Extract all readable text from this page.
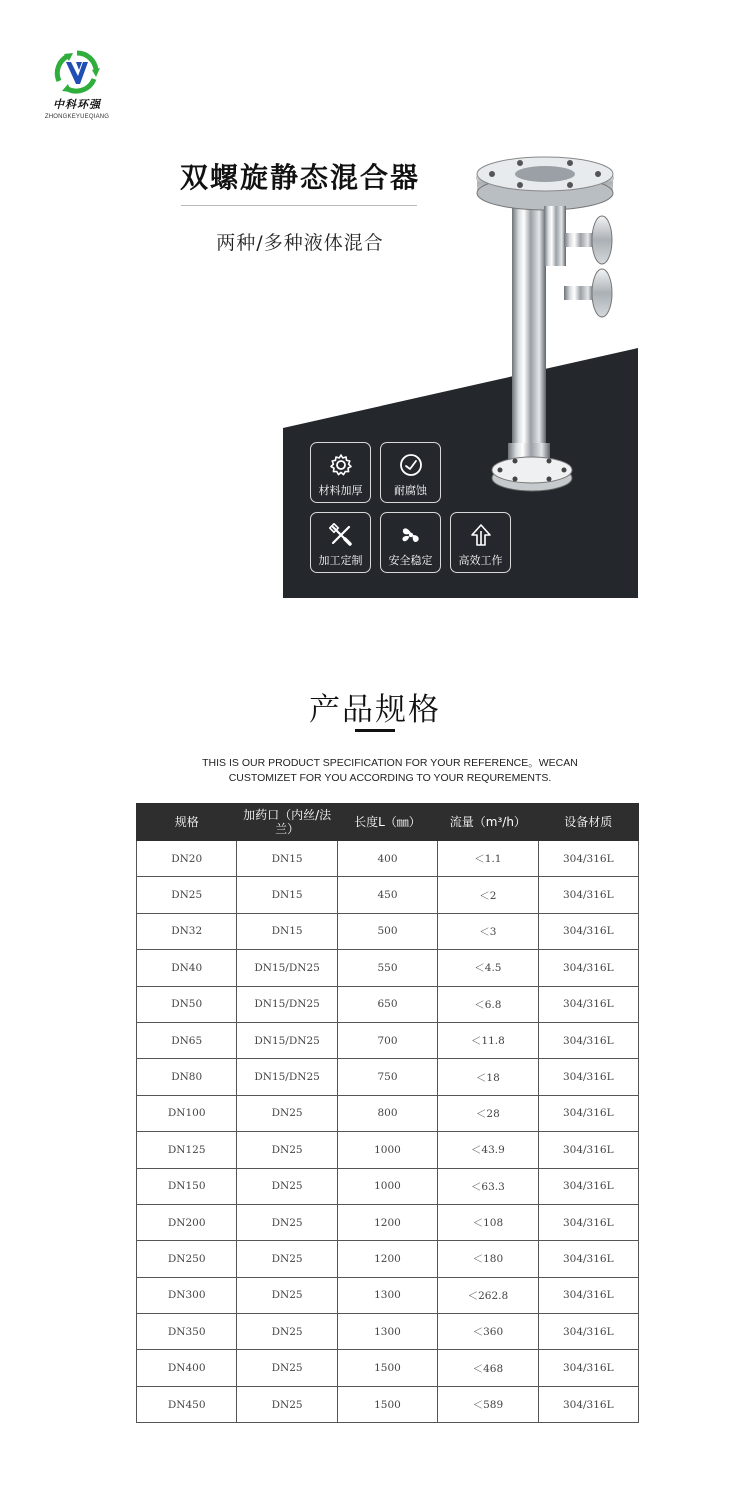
中科环强
ZHONGKEYUEQIANG
双螺旋静态混合器
两种/多种液体混合
材料加厚	耐腐蚀
加工定制	安全稳定	高效工作
产品规格
THIS IS OUR PRODUCT SPECIFICATION FOR YOUR REFERENCE。WECAN CUSTOMIZET FOR YOU ACCORDING TO YOUR REQUREMENTS.
规格	加药口（内丝/法兰）	长度L（㎜）	流量（m³/h）	设备材质
DN20	DN15	400	＜1.1	304/316L
DN25	DN15	450	＜2	304/316L
DN32	DN15	500	＜3	304/316L
DN40	DN15/DN25	550	＜4.5	304/316L
DN50	DN15/DN25	650	＜6.8	304/316L
DN65	DN15/DN25	700	＜11.8	304/316L
DN80	DN15/DN25	750	＜18	304/316L
DN100	DN25	800	＜28	304/316L
DN125	DN25	1000	＜43.9	304/316L
DN150	DN25	1000	＜63.3	304/316L
DN200	DN25	1200	＜108	304/316L
DN250	DN25	1200	＜180	304/316L
DN300	DN25	1300	＜262.8	304/316L
DN350	DN25	1300	＜360	304/316L
DN400	DN25	1500	＜468	304/316L
DN450	DN25	1500	＜589	304/316L
